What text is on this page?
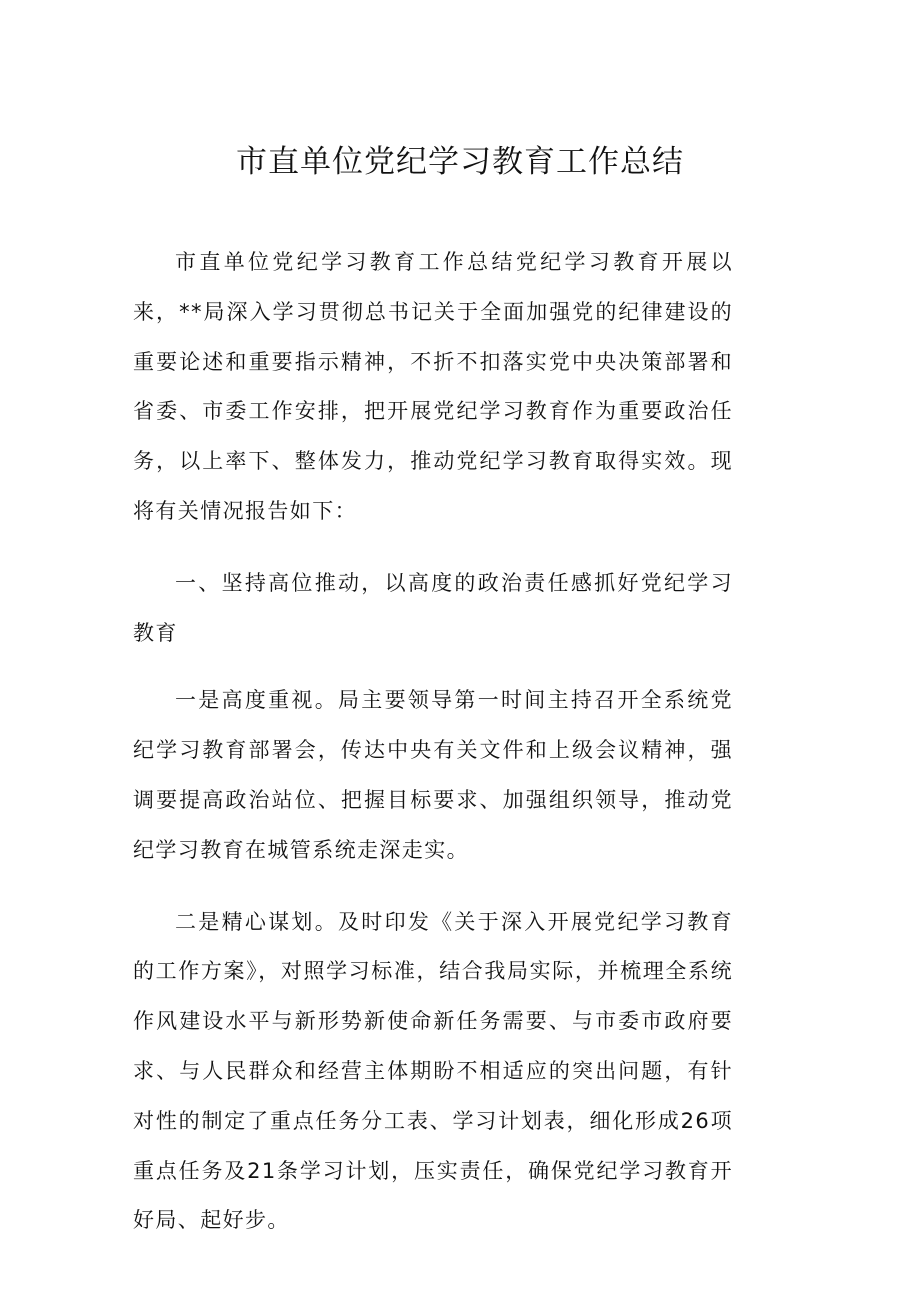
市直单位党纪学习教育工作总结

市直单位党纪学习教育工作总结党纪学习教育开展以来，**局深入学习贯彻总书记关于全面加强党的纪律建设的重要论述和重要指示精神，不折不扣落实党中央决策部署和省委、市委工作安排，把开展党纪学习教育作为重要政治任务，以上率下、整体发力，推动党纪学习教育取得实效。现将有关情况报告如下：

一、坚持高位推动，以高度的政治责任感抓好党纪学习教育

一是高度重视。局主要领导第一时间主持召开全系统党纪学习教育部署会，传达中央有关文件和上级会议精神，强调要提高政治站位、把握目标要求、加强组织领导，推动党纪学习教育在城管系统走深走实。

二是精心谋划。及时印发《关于深入开展党纪学习教育的工作方案》，对照学习标准，结合我局实际，并梳理全系统作风建设水平与新形势新使命新任务需要、与市委市政府要求、与人民群众和经营主体期盼不相适应的突出问题，有针对性的制定了重点任务分工表、学习计划表，细化形成26项重点任务及21条学习计划，压实责任，确保党纪学习教育开好局、起好步。
